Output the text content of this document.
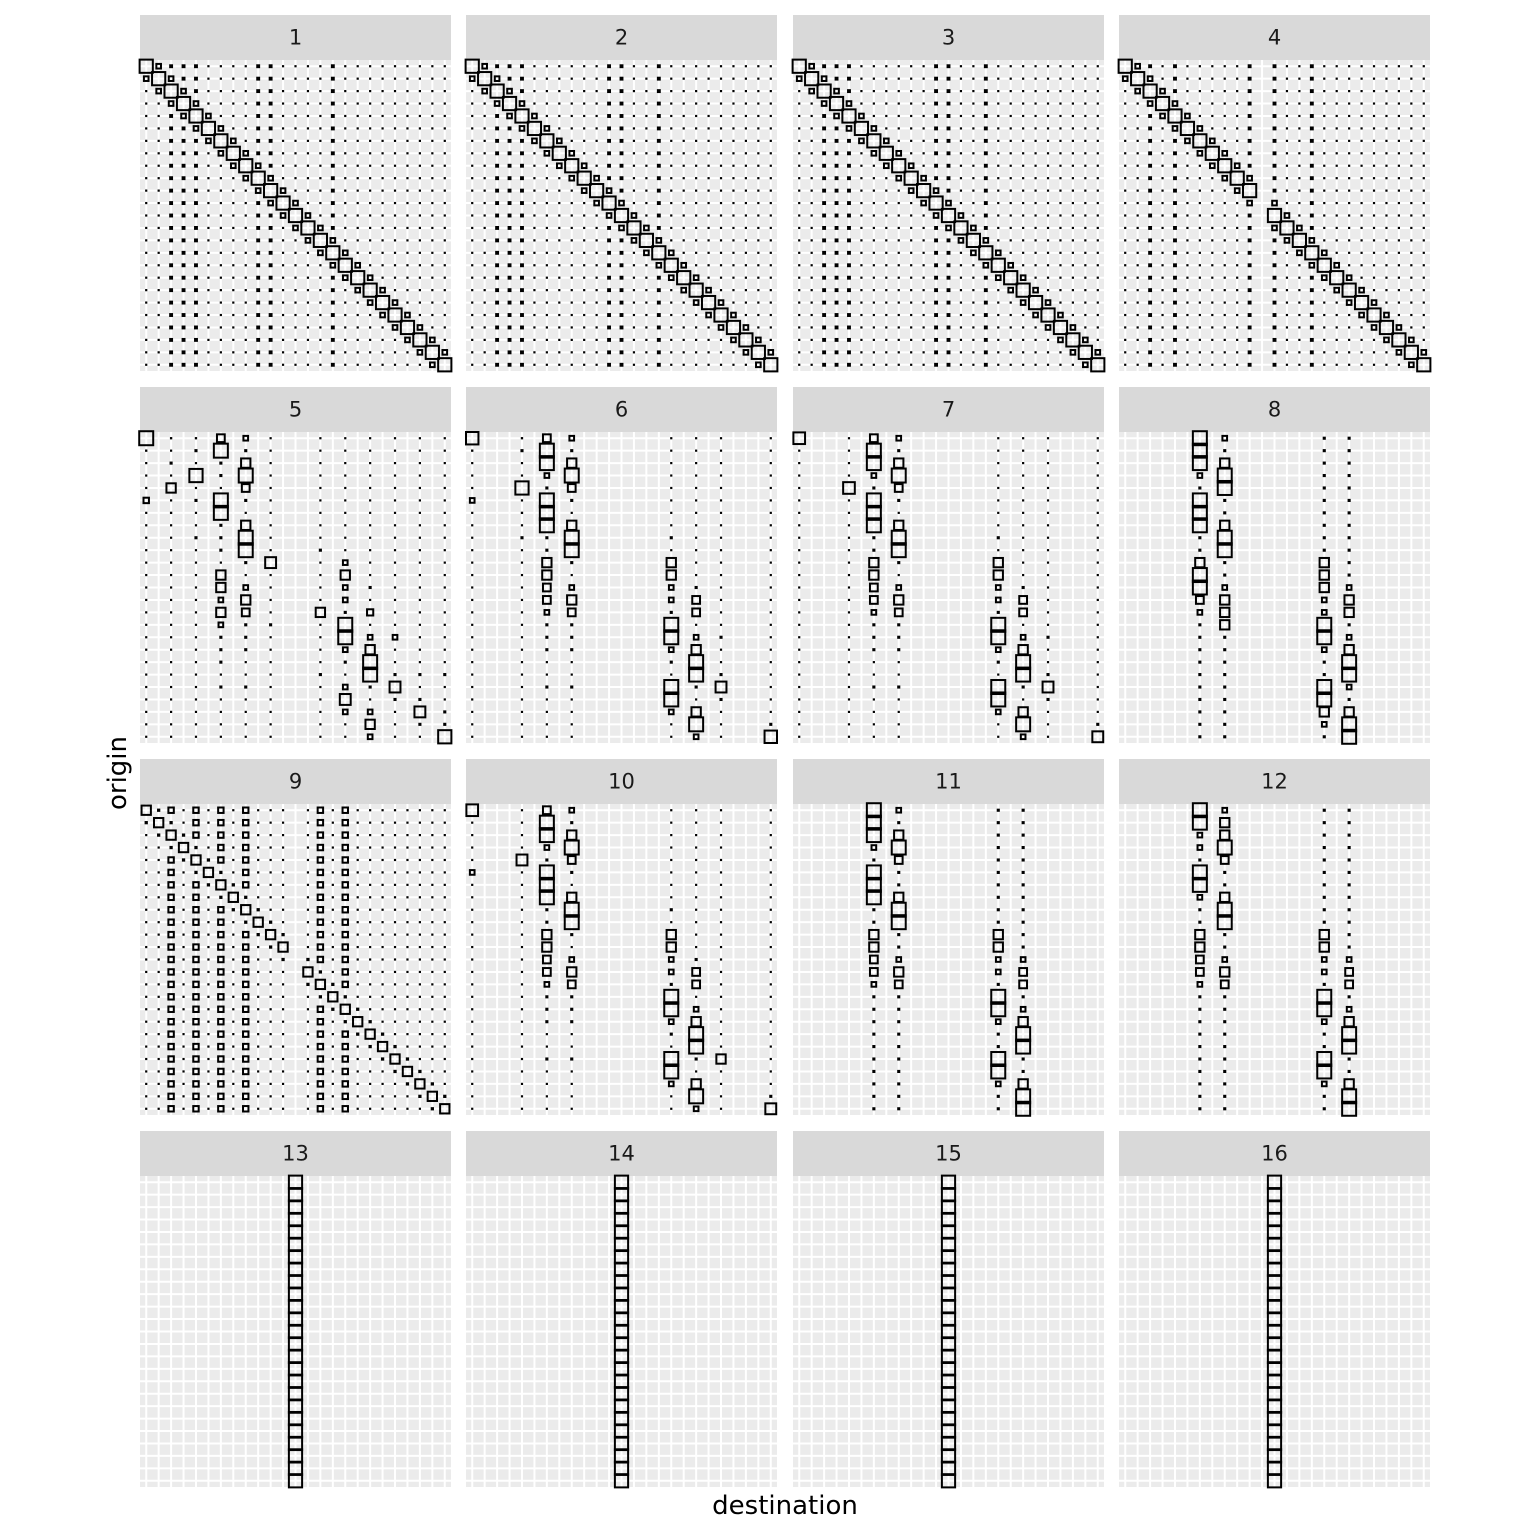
1	2	3	4
5	6	7	8
9	10	11	12
13	14	15	16
destination
origin
